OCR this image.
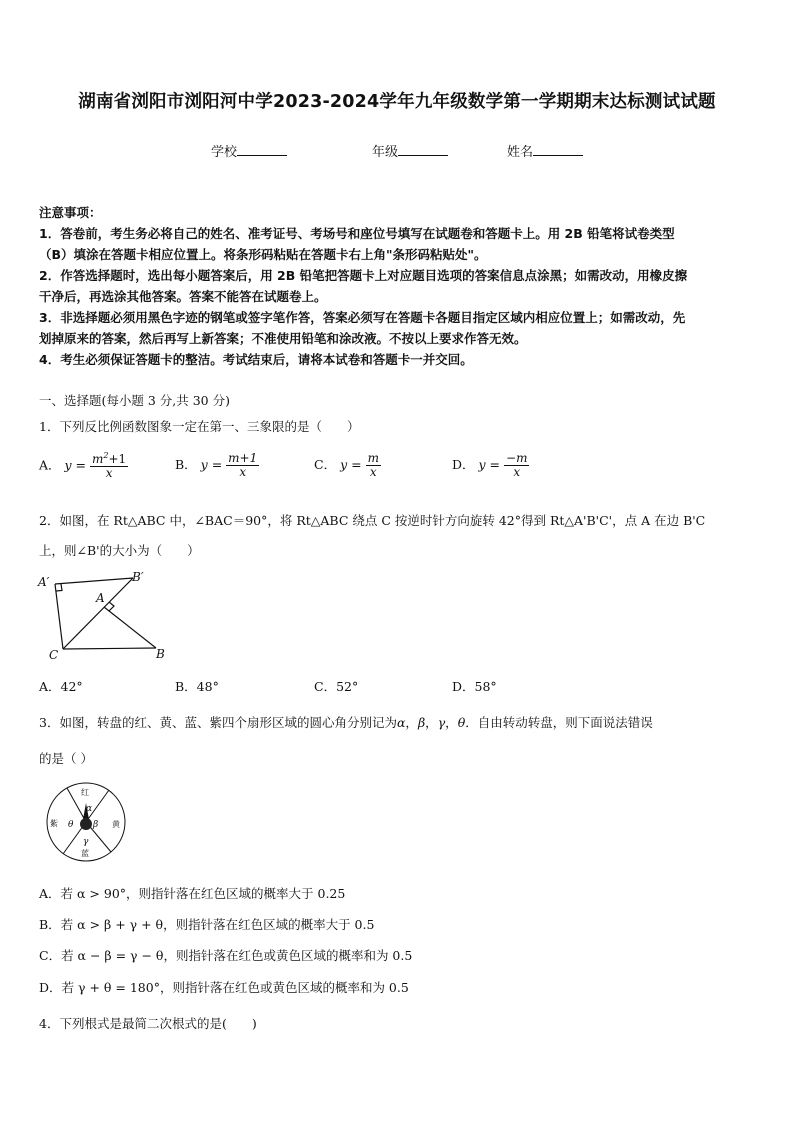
湖南省浏阳市浏阳河中学2023-2024学年九年级数学第一学期期末达标测试试题
学校	年级	姓名
注意事项：
1．答卷前，考生务必将自己的姓名、准考证号、考场号和座位号填写在试题卷和答题卡上。用 2B 铅笔将试卷类型
（B）填涂在答题卡相应位置上。将条形码粘贴在答题卡右上角"条形码粘贴处"。
2．作答选择题时，选出每小题答案后，用 2B 铅笔把答题卡上对应题目选项的答案信息点涂黑；如需改动，用橡皮擦
干净后，再选涂其他答案。答案不能答在试题卷上。
3．非选择题必须用黑色字迹的钢笔或签字笔作答，答案必须写在答题卡各题目指定区域内相应位置上；如需改动，先
划掉原来的答案，然后再写上新答案；不准使用铅笔和涂改液。不按以上要求作答无效。
4．考生必须保证答题卡的整洁。考试结束后，请将本试卷和答题卡一并交回。
一、选择题(每小题 3 分,共 30 分)
1．下列反比例函数图象一定在第一、三象限的是（　　）
A． $y = \frac{m^2+1}{x}$	B． $y = \frac{m+1}{x}$	C． $y = \frac{m}{x}$	D． $y = \frac{-m}{x}$
2．如图，在 Rt△ABC 中，∠BAC＝90°，将 Rt△ABC 绕点 C 按逆时针方向旋转 42°得到 Rt△A'B'C'，点 A 在边 B'C
上，则∠B'的大小为（　　）
A′	B′
A
C	B
A．42°	B．48°	C．52°	D．58°
3．如图，转盘的红、黄、蓝、紫四个扇形区域的圆心角分别记为α，β，γ，θ．自由转动转盘，则下面说法错误
的是（ ）
红
黄
蓝
紫
α
β
γ
θ
A．若 α > 90°，则指针落在红色区域的概率大于 0.25
B．若 α > β + γ + θ，则指针落在红色区域的概率大于 0.5
C．若 α − β = γ − θ，则指针落在红色或黄色区域的概率和为 0.5
D．若 γ + θ = 180°，则指针落在红色或黄色区域的概率和为 0.5
4．下列根式是最简二次根式的是(　　)
